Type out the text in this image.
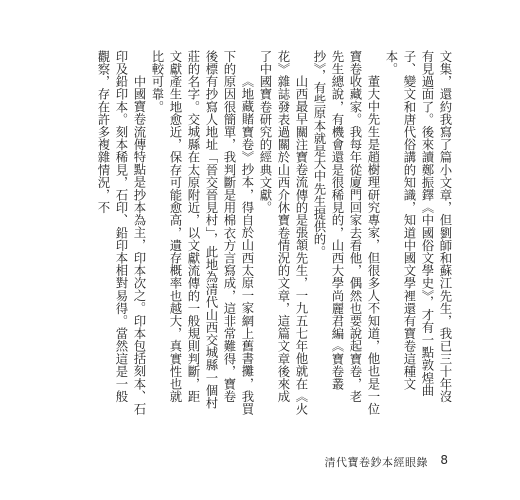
文集，還約我寫了篇小文章，但劉師和蘇江先生，我已三十年沒有見過面了。後來讀鄭振鐸《中國俗文學史》，才有一點敦煌曲子、變文和唐代俗講的知識，知道中國文學裡還有寶卷這種文本。

董大中先生是趙樹理研究專家，但很多人不知道，他也是一位寶卷收藏家。我每年從廈門回家去看他，偶然也要說起寶卷，老先生總說，有機會還是很稀見的，山西大學尚麗君編《寶卷叢抄》，有些原本就是大中先生提供的。

山西最早關注寶卷流傳的是張頷先生，一九五七年他就在《火花》雜誌發表過關於山西介休寶卷情況的文章，這篇文章後來成了中國寶卷研究的經典文獻。

《地藏賭寶卷》抄本，得自於山西太原一家網上舊書攤，我買下的原因很簡單，我判斷是用棉衣方言寫成，這非常難得，寶卷後標有抄寫人地址「晉交晉見村」，此地為清代山西交城縣一個村莊的名字。交城縣在太原附近，以文獻流傳的一般規則判斷，距文獻產生地愈近，保存可能愈高，遺存概率也越大，真實性也就比較可靠。

中國寶卷流傳特點是抄本為主，印本次之。印本包括刻本、石印及鉛印本。刻本稀見，石印、鉛印本相對易得。當然這是一般觀察，存在許多複雜情況，不

清代寶卷鈔本經眼錄 8
